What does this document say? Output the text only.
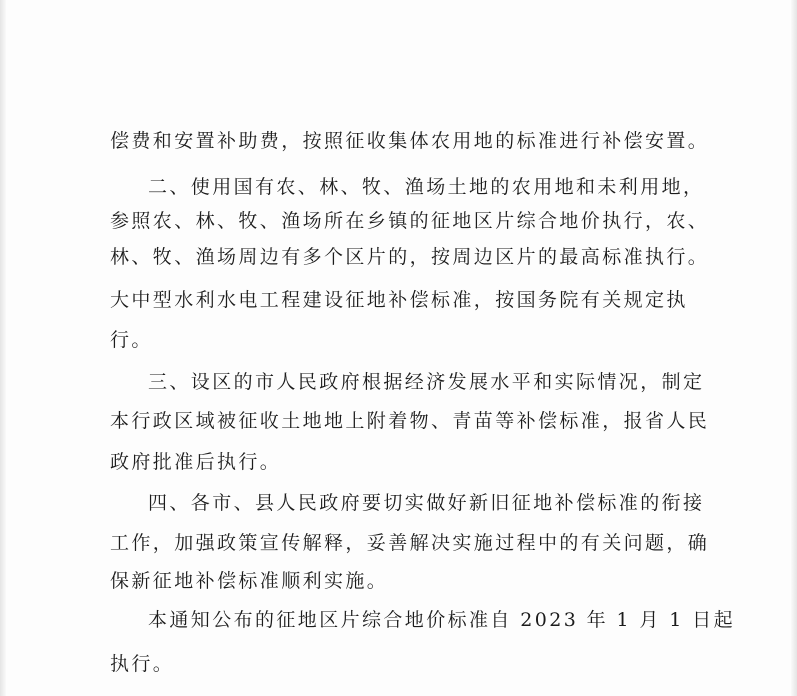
偿费和安置补助费，按照征收集体农用地的标准进行补偿安置。
二、使用国有农、林、牧、渔场土地的农用地和未利用地，
参照农、林、牧、渔场所在乡镇的征地区片综合地价执行，农、
林、牧、渔场周边有多个区片的，按周边区片的最高标准执行。
大中型水利水电工程建设征地补偿标准，按国务院有关规定执
行。
三、设区的市人民政府根据经济发展水平和实际情况，制定
本行政区域被征收土地地上附着物、青苗等补偿标准，报省人民
政府批准后执行。
四、各市、县人民政府要切实做好新旧征地补偿标准的衔接
工作，加强政策宣传解释，妥善解决实施过程中的有关问题，确
保新征地补偿标准顺利实施。
本通知公布的征地区片综合地价标准自 2023 年 1 月 1 日起
执行。
